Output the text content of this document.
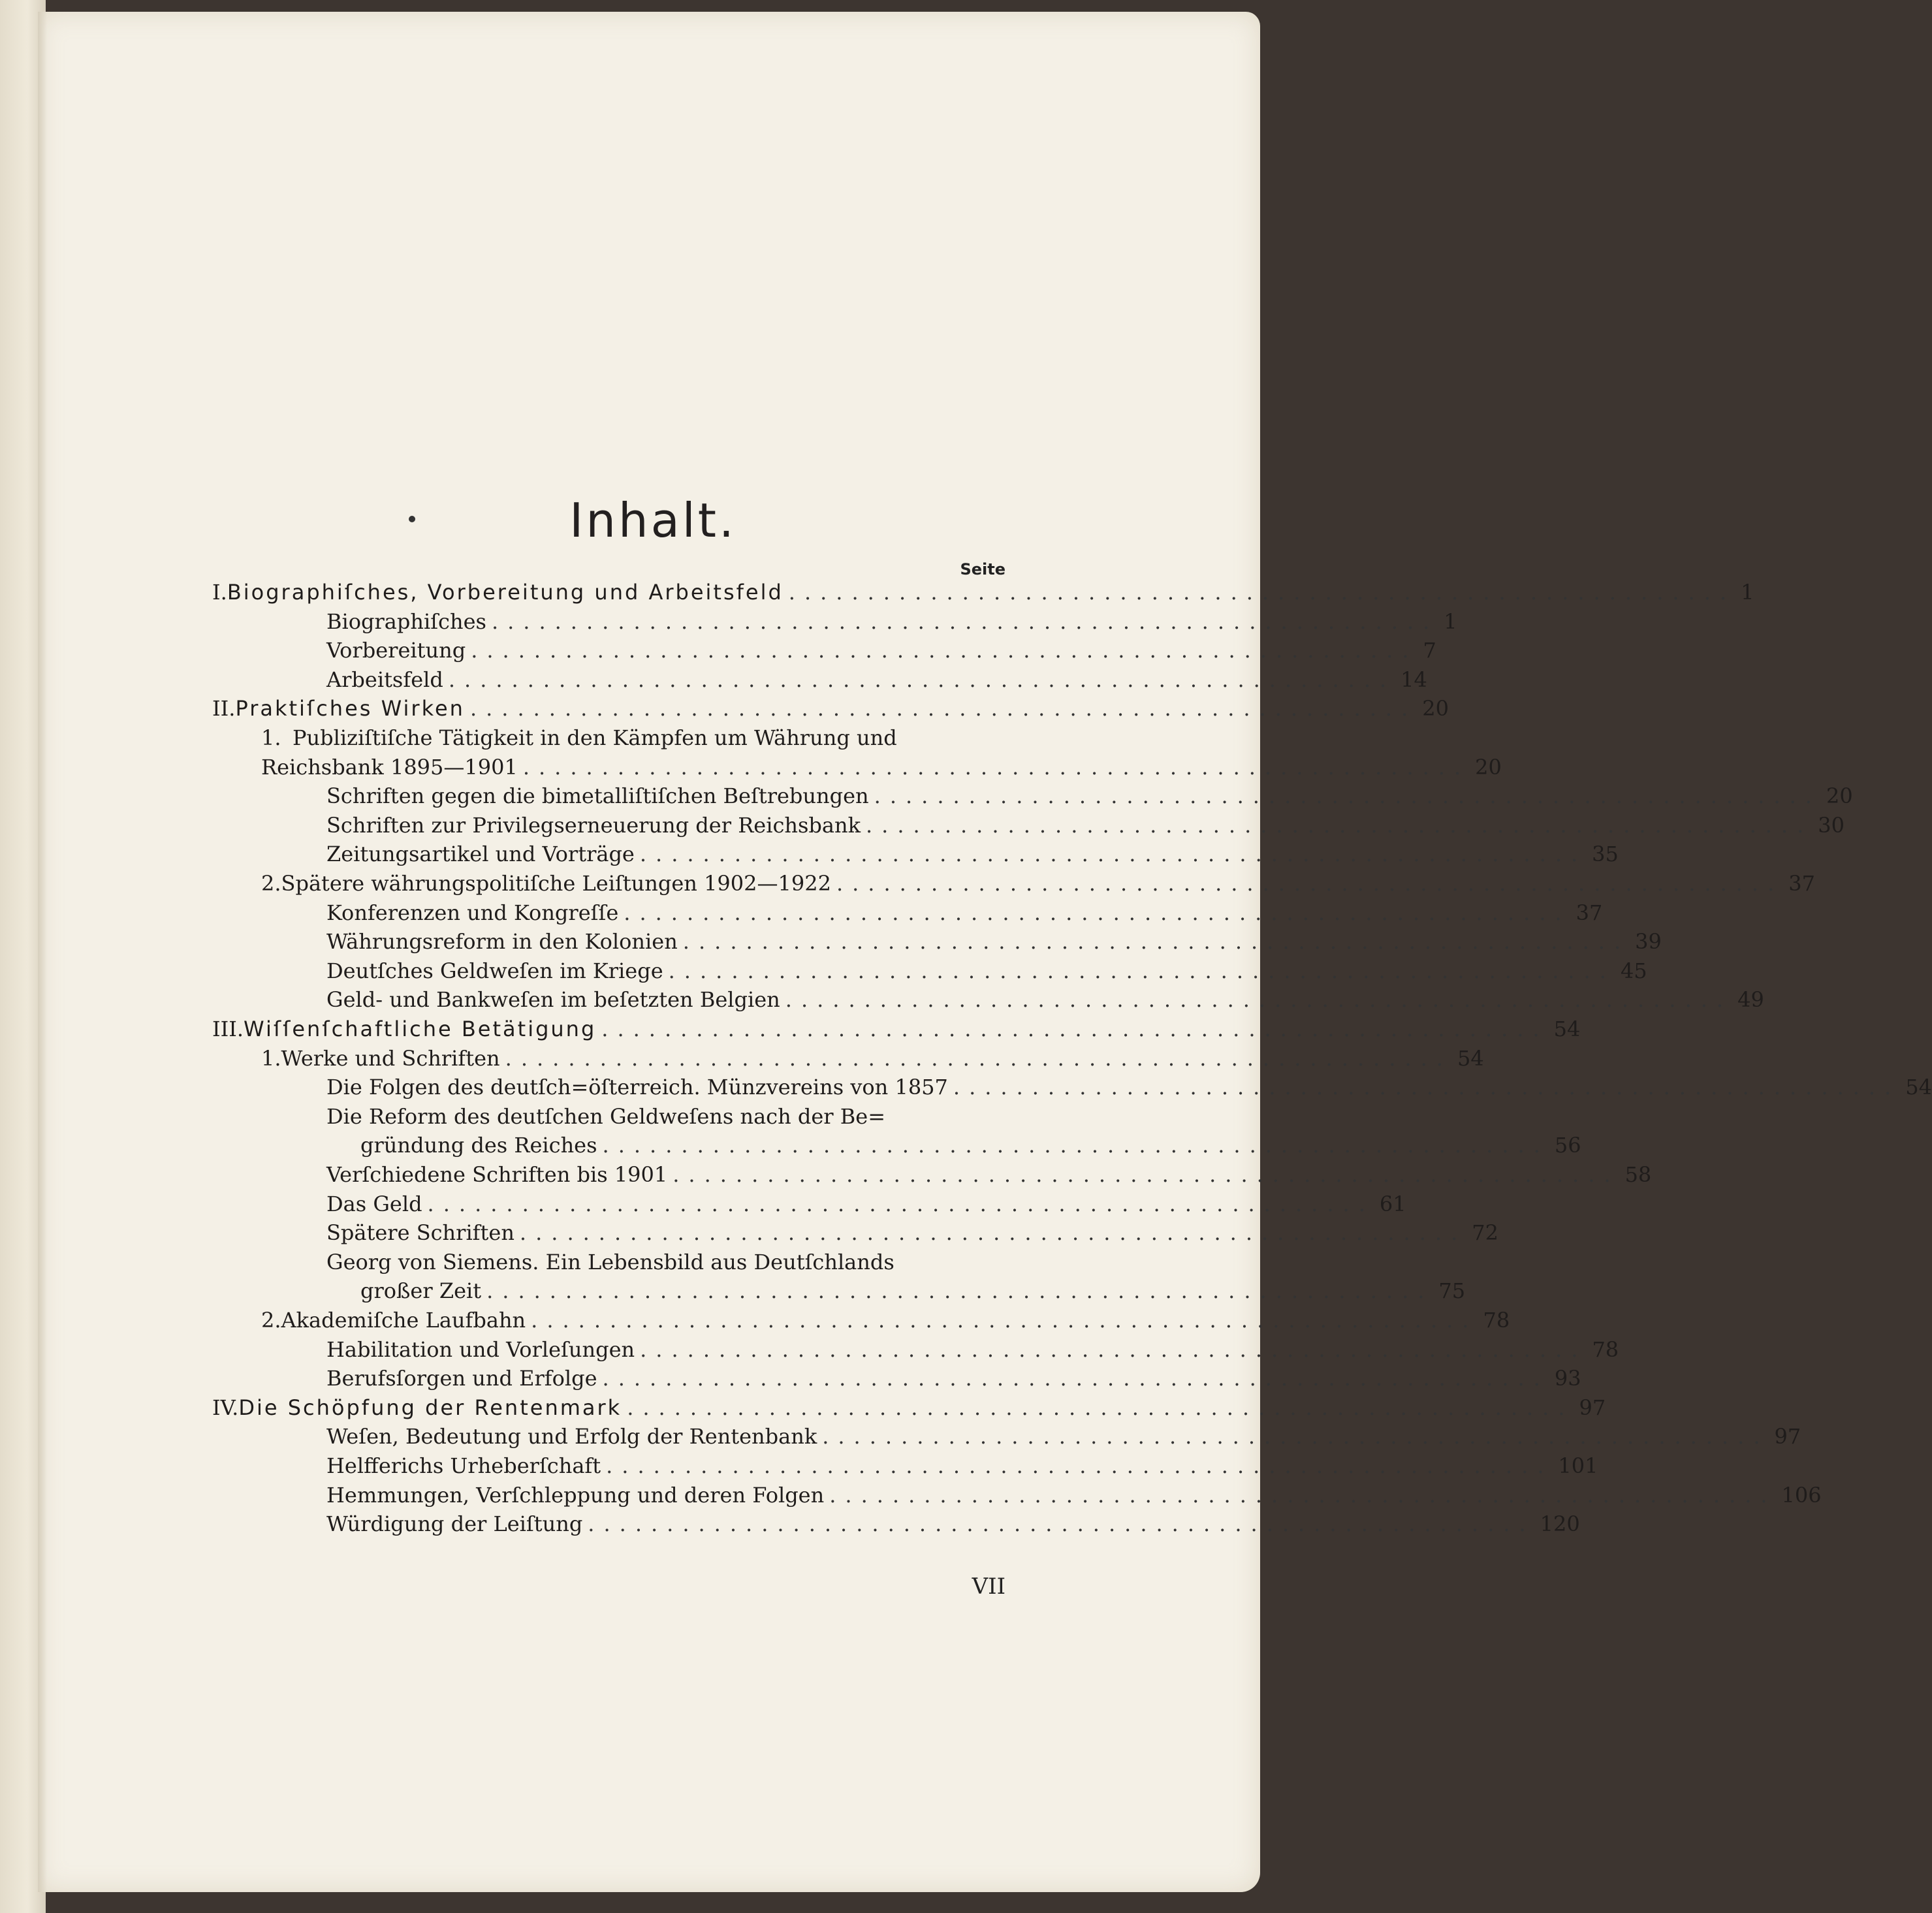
Inhalt.
Seite
I. Biographiſches, Vorbereitung und Arbeitsfeld ............................................................ 1
Biographiſches ............................................................ 1
Vorbereitung ............................................................ 7
Arbeitsfeld ............................................................ 14
II. Praktiſches Wirken ............................................................ 20
1. Publiziſtiſche Tätigkeit in den Kämpfen um Währung und
Reichsbank 1895—1901 ............................................................ 20
Schriften gegen die bimetalliſtiſchen Beſtrebungen ............................................................ 20
Schriften zur Privilegserneuerung der Reichsbank ............................................................ 30
Zeitungsartikel und Vorträge ............................................................ 35
2. Spätere währungspolitiſche Leiſtungen 1902—1922 ............................................................ 37
Konferenzen und Kongreſſe ............................................................ 37
Währungsreform in den Kolonien ............................................................ 39
Deutſches Geldweſen im Kriege ............................................................ 45
Geld- und Bankweſen im beſetzten Belgien ............................................................ 49
III. Wiſſenſchaftliche Betätigung ............................................................ 54
1. Werke und Schriften ............................................................ 54
Die Folgen des deutſch=öſterreich. Münzvereins von 1857 ............................................................ 54
Die Reform des deutſchen Geldweſens nach der Be=
gründung des Reiches ............................................................ 56
Verſchiedene Schriften bis 1901 ............................................................ 58
Das Geld ............................................................ 61
Spätere Schriften ............................................................ 72
Georg von Siemens. Ein Lebensbild aus Deutſchlands
großer Zeit ............................................................ 75
2. Akademiſche Laufbahn ............................................................ 78
Habilitation und Vorleſungen ............................................................ 78
Berufsſorgen und Erfolge ............................................................ 93
IV. Die Schöpfung der Rentenmark ............................................................ 97
Weſen, Bedeutung und Erfolg der Rentenbank ............................................................ 97
Helfferichs Urheberſchaft ............................................................ 101
Hemmungen, Verſchleppung und deren Folgen ............................................................ 106
Würdigung der Leiſtung ............................................................ 120
VII
